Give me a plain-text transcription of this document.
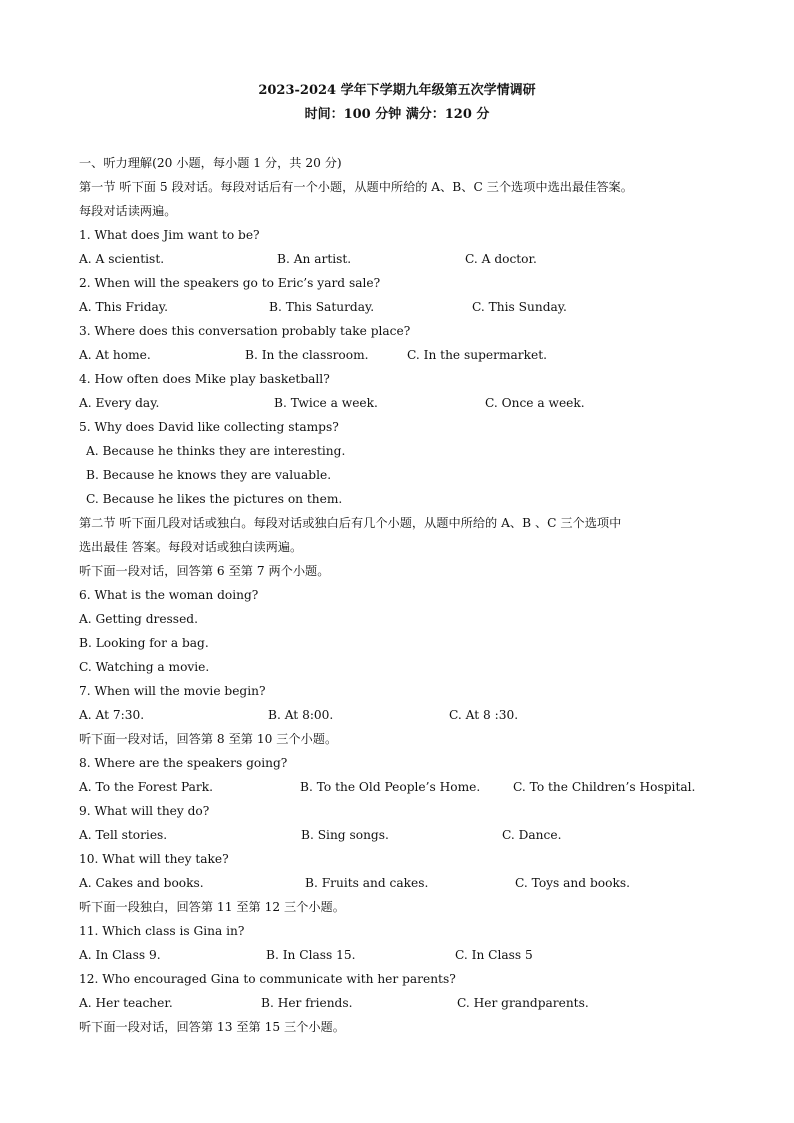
2023-2024 学年下学期九年级第五次学情调研
时间：100 分钟 满分：120 分
一、听力理解(20 小题，每小题 1 分，共 20 分)
第一节 听下面 5 段对话。每段对话后有一个小题，从题中所给的 A、B、C 三个选项中选出最佳答案。
每段对话读两遍。
1. What does Jim want to be?
A. A scientist.	B. An artist.	C. A doctor.
2. When will the speakers go to Eric’s yard sale?
A. This Friday.	B. This Saturday.	C. This Sunday.
3. Where does this conversation probably take place?
A. At home.	B. In the classroom.	C. In the supermarket.
4. How often does Mike play basketball?
A. Every day.	B. Twice a week.	C. Once a week.
5. Why does David like collecting stamps?
A. Because he thinks they are interesting.
B. Because he knows they are valuable.
C. Because he likes the pictures on them.
第二节 听下面几段对话或独白。每段对话或独白后有几个小题，从题中所给的 A、B 、C 三个选项中
选出最佳 答案。每段对话或独白读两遍。
听下面一段对话，回答第 6 至第 7 两个小题。
6. What is the woman doing?
A. Getting dressed.
B. Looking for a bag.
C. Watching a movie.
7. When will the movie begin?
A. At 7:30.	B. At 8:00.	C. At 8 :30.
听下面一段对话，回答第 8 至第 10 三个小题。
8. Where are the speakers going?
A. To the Forest Park.	B. To the Old People’s Home.	C. To the Children’s Hospital.
9. What will they do?
A. Tell stories.	B. Sing songs.	C. Dance.
10. What will they take?
A. Cakes and books.	B. Fruits and cakes.	C. Toys and books.
听下面一段独白，回答第 11 至第 12 三个小题。
11. Which class is Gina in?
A. In Class 9.	B. In Class 15.	C. In Class 5
12. Who encouraged Gina to communicate with her parents?
A. Her teacher.	B. Her friends.	C. Her grandparents.
听下面一段对话，回答第 13 至第 15 三个小题。
